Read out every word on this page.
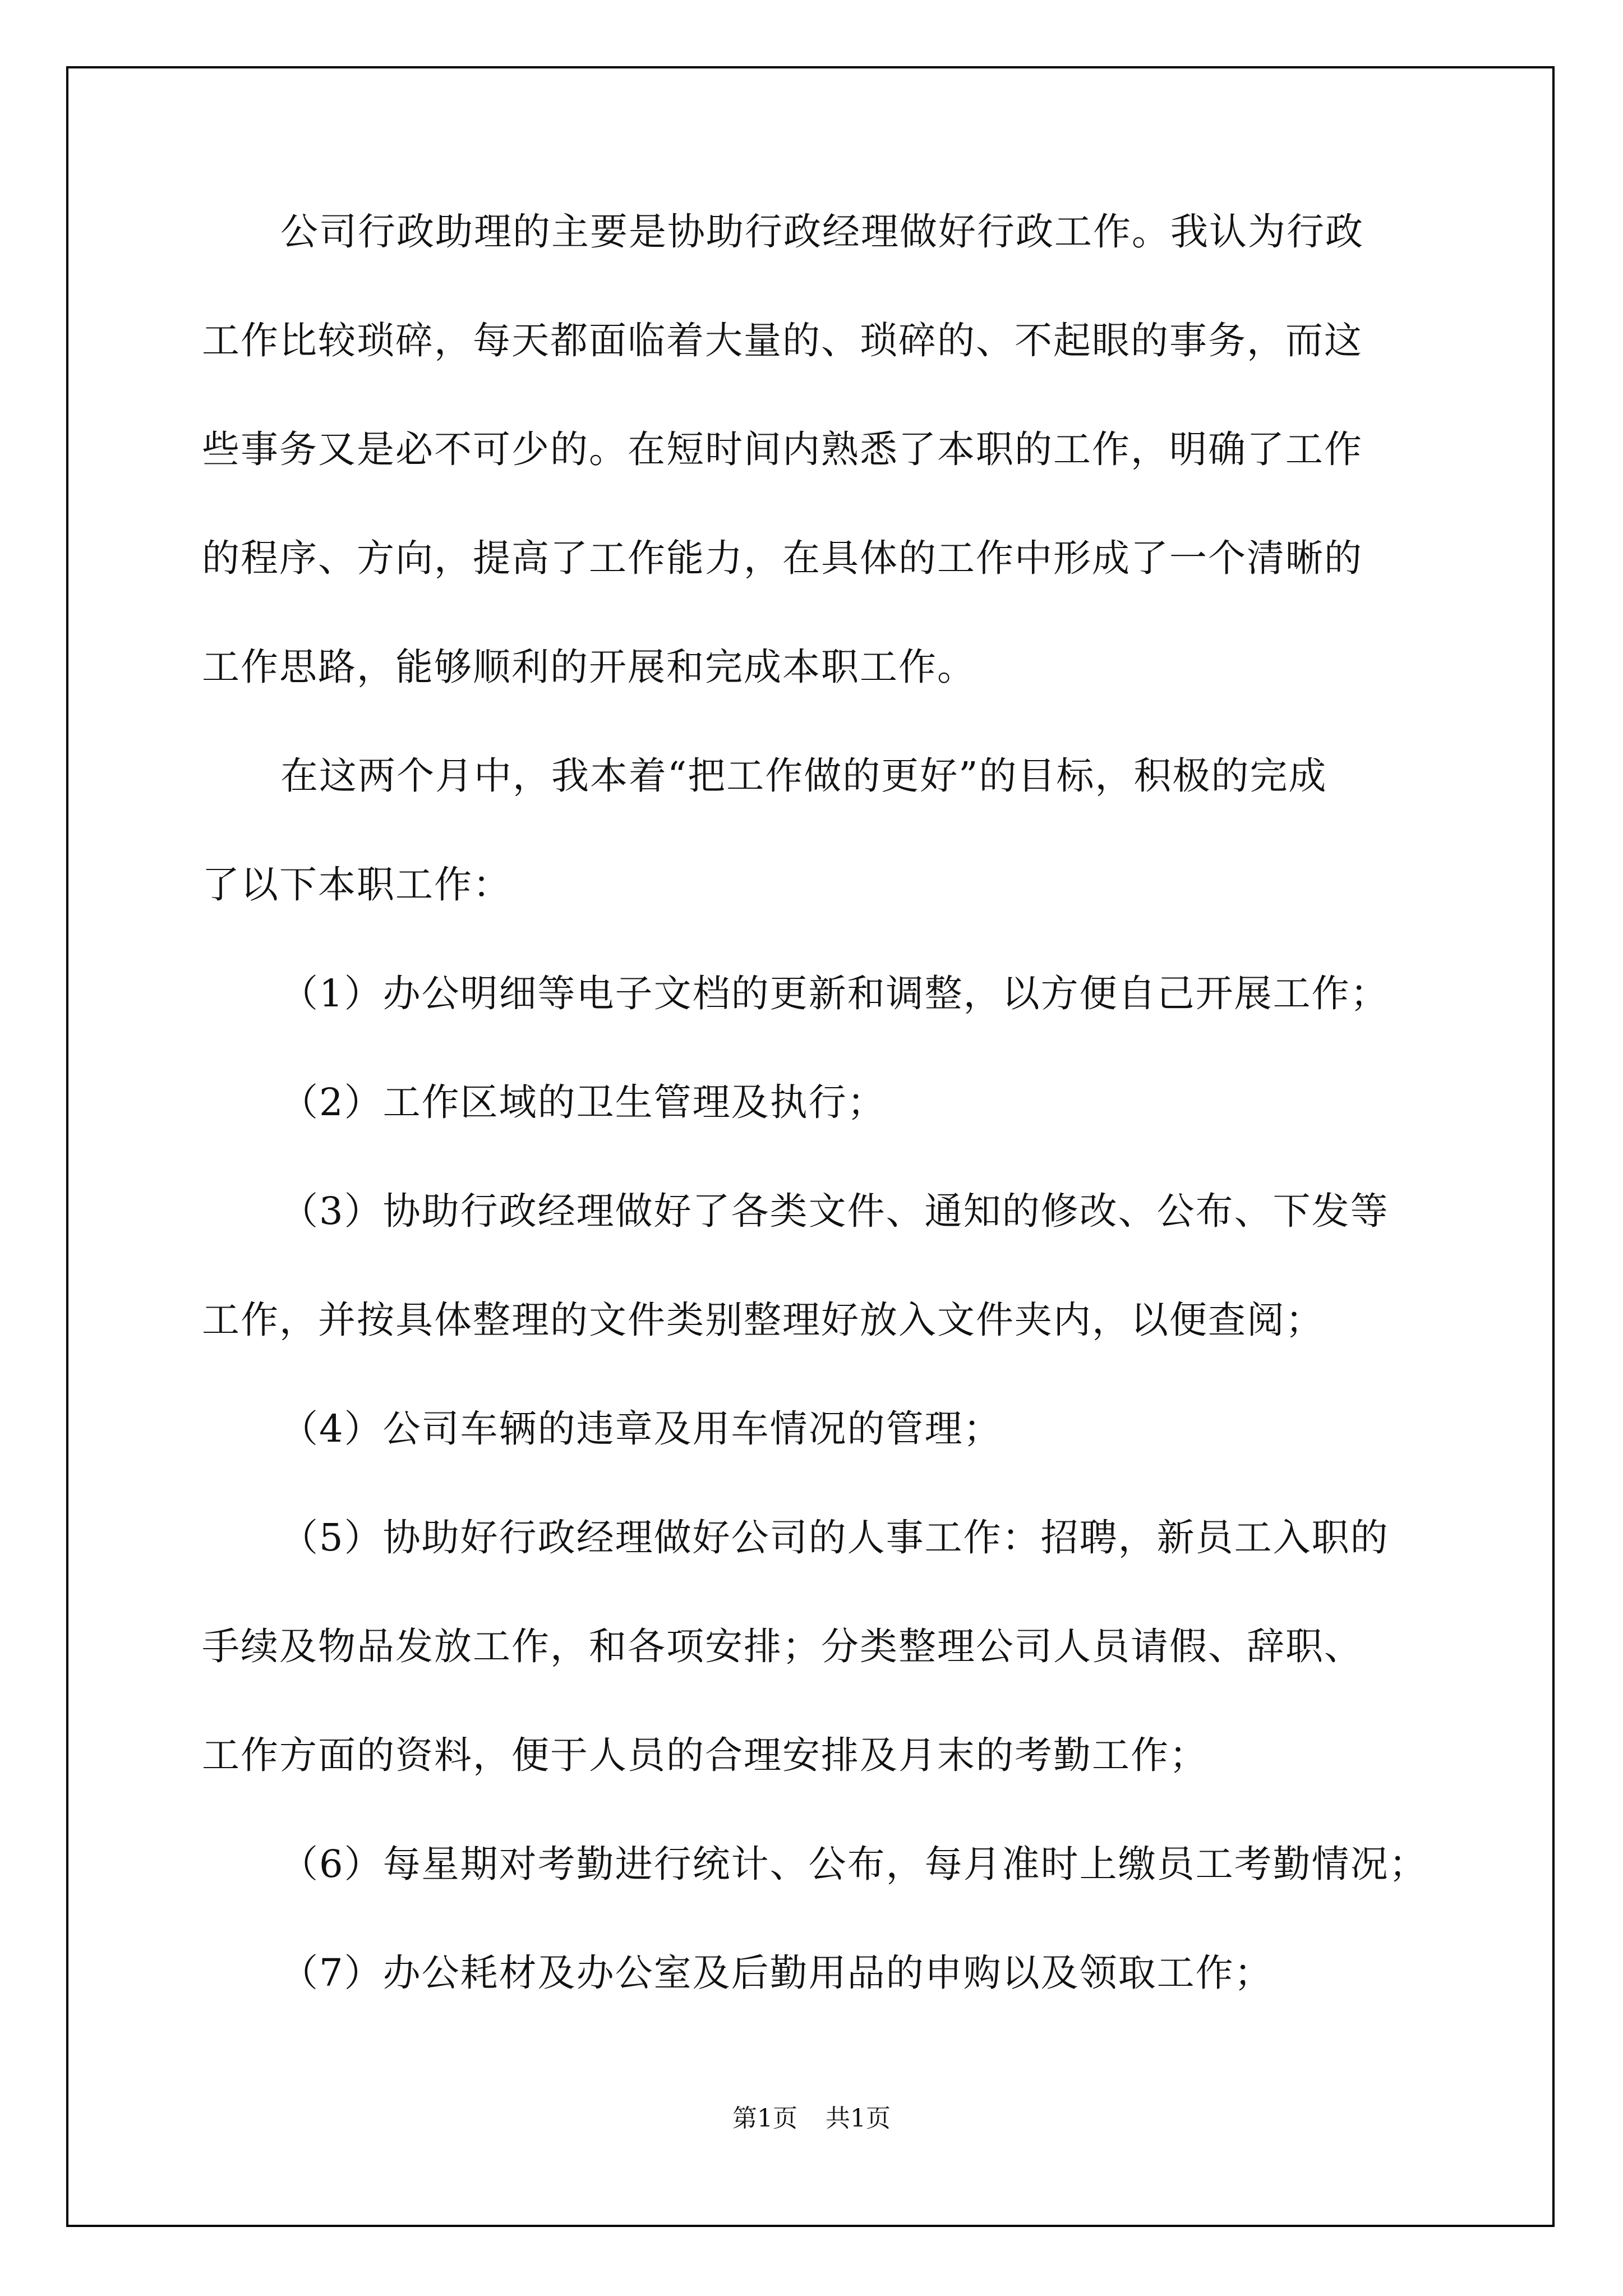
公司行政助理的主要是协助行政经理做好行政工作。我认为行政
工作比较琐碎，每天都面临着大量的、琐碎的、不起眼的事务，而这
些事务又是必不可少的。在短时间内熟悉了本职的工作，明确了工作
的程序、方向，提高了工作能力，在具体的工作中形成了一个清晰的
工作思路，能够顺利的开展和完成本职工作。
在这两个月中，我本着“把工作做的更好”的目标，积极的完成
了以下本职工作：
（1）办公明细等电子文档的更新和调整，以方便自己开展工作；
（2）工作区域的卫生管理及执行；
（3）协助行政经理做好了各类文件、通知的修改、公布、下发等
工作，并按具体整理的文件类别整理好放入文件夹内，以便查阅；
（4）公司车辆的违章及用车情况的管理；
（5）协助好行政经理做好公司的人事工作：招聘，新员工入职的
手续及物品发放工作，和各项安排；分类整理公司人员请假、辞职、
工作方面的资料，便于人员的合理安排及月末的考勤工作；
（6）每星期对考勤进行统计、公布，每月准时上缴员工考勤情况；
（7）办公耗材及办公室及后勤用品的申购以及领取工作；
第1页 共1页
